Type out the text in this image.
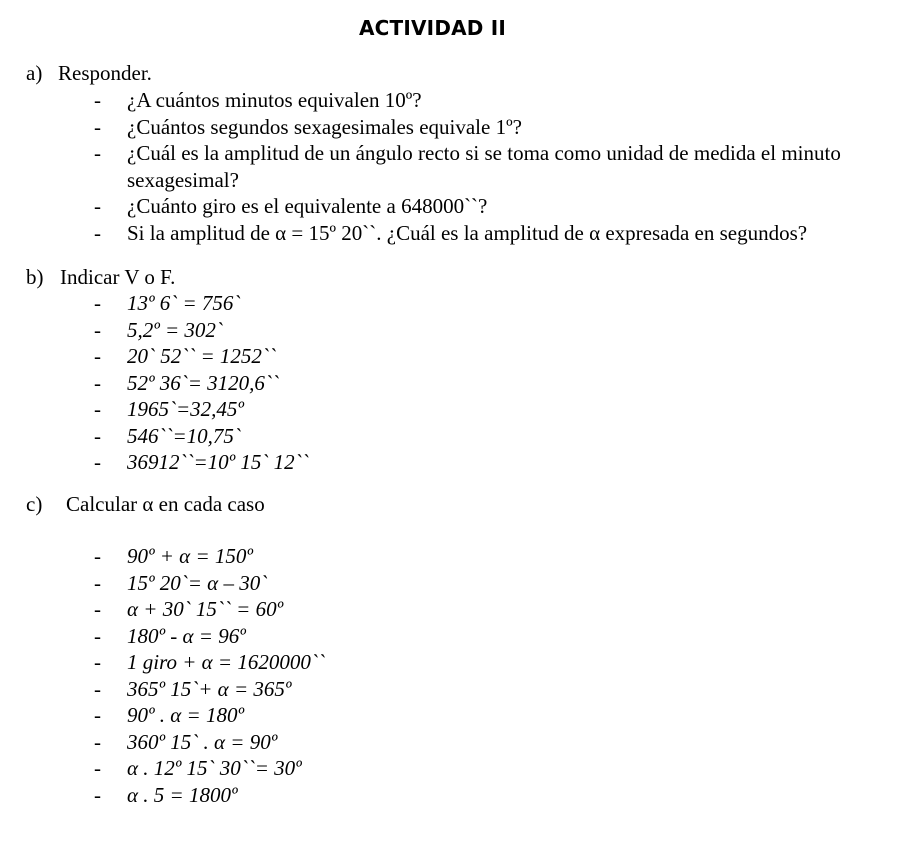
ACTIVIDAD II
a) Responder.
- ¿A cuántos minutos equivalen 10º?
- ¿Cuántos segundos sexagesimales equivale 1º?
- ¿Cuál es la amplitud de un ángulo recto si se toma como unidad de medida el minuto sexagesimal?
- ¿Cuánto giro es el equivalente a 648000``?
- Si la amplitud de α = 15º 20``. ¿Cuál es la amplitud de α expresada en segundos?
b) Indicar V o F.
- 13º 6` = 756`
- 5,2º = 302`
- 20` 52`` = 1252``
- 52º 36`= 3120,6``
- 1965`=32,45º
- 546``=10,75`
- 36912``=10º 15` 12``
c) Calcular α en cada caso
- 90º + α = 150º
- 15º 20`= α – 30`
- α + 30` 15`` = 60º
- 180º - α = 96º
- 1 giro + α = 1620000``
- 365º 15`+ α = 365º
- 90º . α = 180º
- 360º 15` . α = 90º
- α . 12º 15` 30``= 30º
- α . 5 = 1800º
